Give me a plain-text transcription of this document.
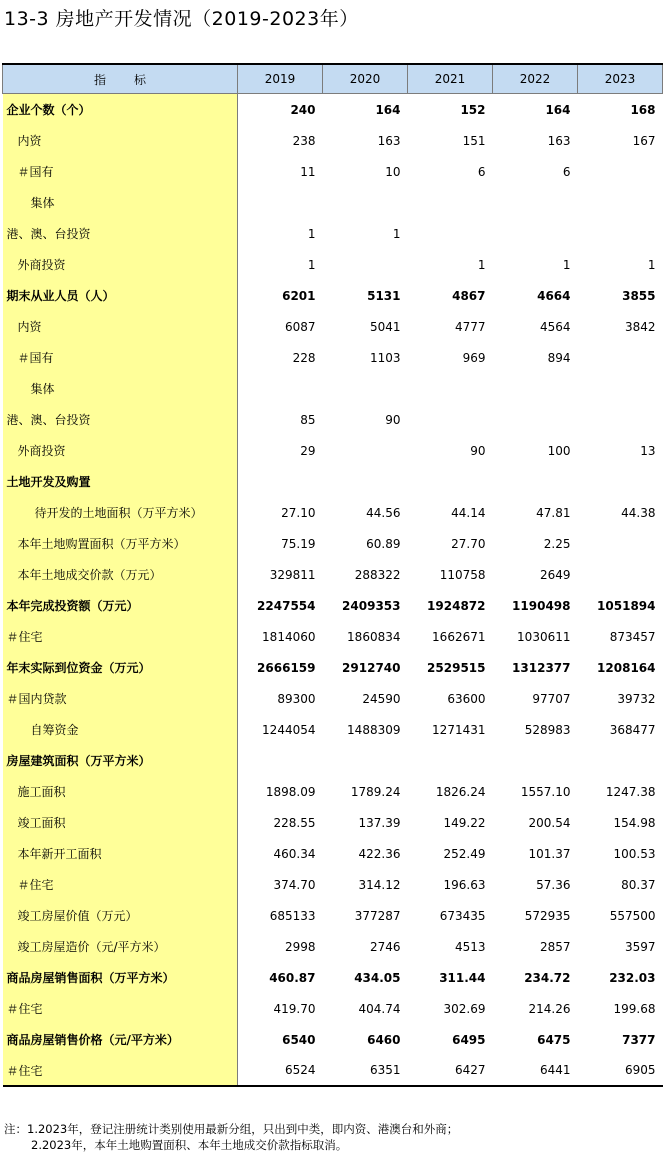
13-3 房地产开发情况（2019-2023年）
指标	2019	2020	2021	2022	2023
企业个数（个）	240	164	152	164	168
内资	238	163	151	163	167
＃国有	11	10	6	6	
集体					
港、澳、台投资	1	1			
外商投资	1		1	1	1
期末从业人员（人）	6201	5131	4867	4664	3855
内资	6087	5041	4777	4564	3842
＃国有	228	1103	969	894	
集体					
港、澳、台投资	85	90			
外商投资	29		90	100	13
土地开发及购置					
待开发的土地面积（万平方米）	27.10	44.56	44.14	47.81	44.38
本年土地购置面积（万平方米）	75.19	60.89	27.70	2.25	
本年土地成交价款（万元）	329811	288322	110758	2649	
本年完成投资额（万元）	2247554	2409353	1924872	1190498	1051894
＃住宅	1814060	1860834	1662671	1030611	873457
年末实际到位资金（万元）	2666159	2912740	2529515	1312377	1208164
＃国内贷款	89300	24590	63600	97707	39732
自筹资金	1244054	1488309	1271431	528983	368477
房屋建筑面积（万平方米）					
施工面积	1898.09	1789.24	1826.24	1557.10	1247.38
竣工面积	228.55	137.39	149.22	200.54	154.98
本年新开工面积	460.34	422.36	252.49	101.37	100.53
＃住宅	374.70	314.12	196.63	57.36	80.37
竣工房屋价值（万元）	685133	377287	673435	572935	557500
竣工房屋造价（元/平方米）	2998	2746	4513	2857	3597
商品房屋销售面积（万平方米）	460.87	434.05	311.44	234.72	232.03
＃住宅	419.70	404.74	302.69	214.26	199.68
商品房屋销售价格（元/平方米）	6540	6460	6495	6475	7377
＃住宅	6524	6351	6427	6441	6905
注：1.2023年，登记注册统计类别使用最新分组，只出到中类，即内资、港澳台和外商；
2.2023年，本年土地购置面积、本年土地成交价款指标取消。
